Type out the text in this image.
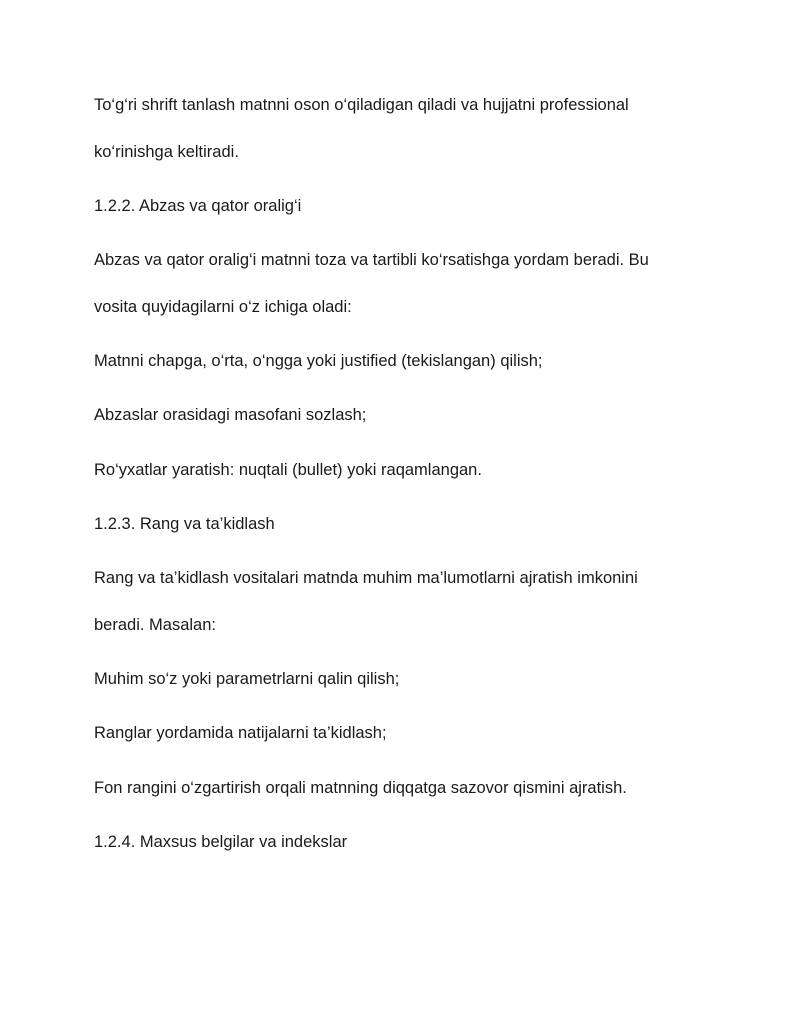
To‘g‘ri shrift tanlash matnni oson o‘qiladigan qiladi va hujjatni professional

ko‘rinishga keltiradi.

1.2.2. Abzas va qator oralig‘i

Abzas va qator oralig‘i matnni toza va tartibli ko‘rsatishga yordam beradi. Bu

vosita quyidagilarni o‘z ichiga oladi:

Matnni chapga, o‘rta, o‘ngga yoki justified (tekislangan) qilish;

Abzaslar orasidagi masofani sozlash;

Ro‘yxatlar yaratish: nuqtali (bullet) yoki raqamlangan.

1.2.3. Rang va ta’kidlash

Rang va ta’kidlash vositalari matnda muhim ma’lumotlarni ajratish imkonini

beradi. Masalan:

Muhim so‘z yoki parametrlarni qalin qilish;

Ranglar yordamida natijalarni ta’kidlash;

Fon rangini o‘zgartirish orqali matnning diqqatga sazovor qismini ajratish.

1.2.4. Maxsus belgilar va indekslar
